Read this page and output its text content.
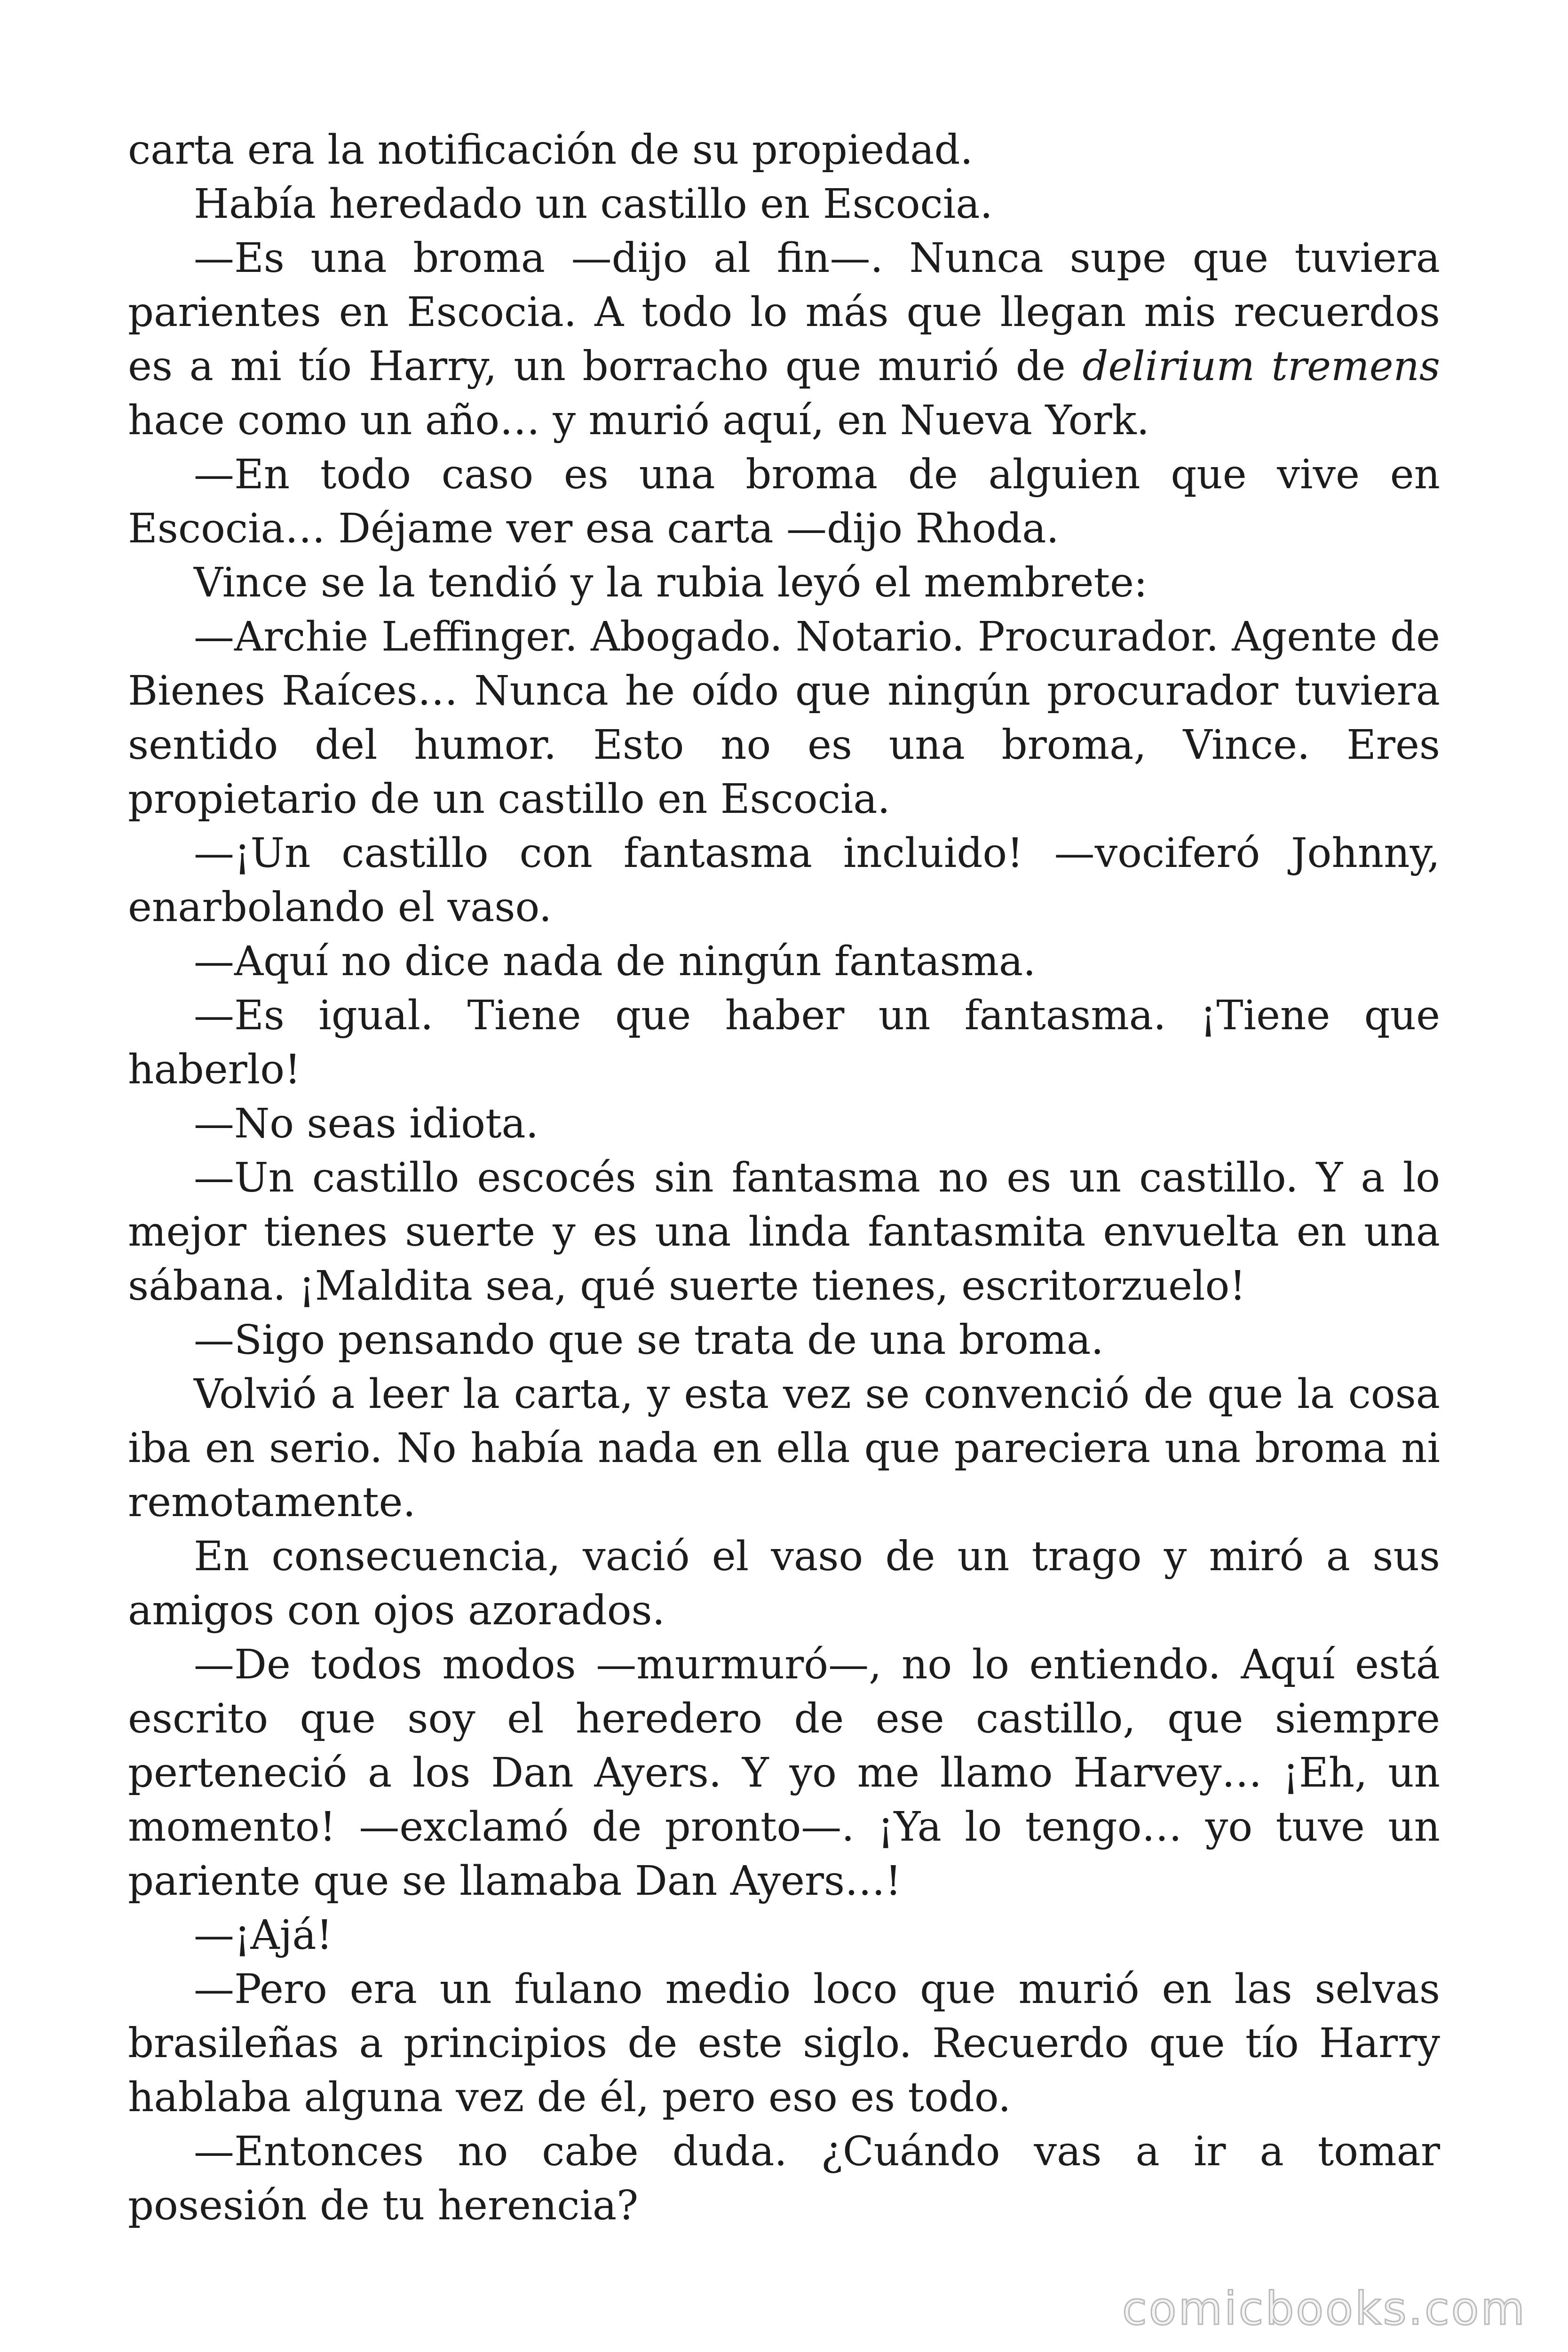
carta era la notificación de su propiedad.

Había heredado un castillo en Escocia.

—Es una broma —dijo al fin—. Nunca supe que tuviera parientes en Escocia. A todo lo más que llegan mis recuerdos es a mi tío Harry, un borracho que murió de delirium tremens hace como un año… y murió aquí, en Nueva York.

—En todo caso es una broma de alguien que vive en Escocia… Déjame ver esa carta —dijo Rhoda.

Vince se la tendió y la rubia leyó el membrete:

—Archie Leffinger. Abogado. Notario. Procurador. Agente de Bienes Raíces… Nunca he oído que ningún procurador tuviera sentido del humor. Esto no es una broma, Vince. Eres propietario de un castillo en Escocia.

—¡Un castillo con fantasma incluido! —vociferó Johnny, enarbolando el vaso.

—Aquí no dice nada de ningún fantasma.

—Es igual. Tiene que haber un fantasma. ¡Tiene que haberlo!

—No seas idiota.

—Un castillo escocés sin fantasma no es un castillo. Y a lo mejor tienes suerte y es una linda fantasmita envuelta en una sábana. ¡Maldita sea, qué suerte tienes, escritorzuelo!

—Sigo pensando que se trata de una broma.

Volvió a leer la carta, y esta vez se convenció de que la cosa iba en serio. No había nada en ella que pareciera una broma ni remotamente.

En consecuencia, vació el vaso de un trago y miró a sus amigos con ojos azorados.

—De todos modos —murmuró—, no lo entiendo. Aquí está escrito que soy el heredero de ese castillo, que siempre perteneció a los Dan Ayers. Y yo me llamo Harvey… ¡Eh, un momento! —exclamó de pronto—. ¡Ya lo tengo… yo tuve un pariente que se llamaba Dan Ayers…!

—¡Ajá!

—Pero era un fulano medio loco que murió en las selvas brasileñas a principios de este siglo. Recuerdo que tío Harry hablaba alguna vez de él, pero eso es todo.

—Entonces no cabe duda. ¿Cuándo vas a ir a tomar posesión de tu herencia?

comicbooks.com
